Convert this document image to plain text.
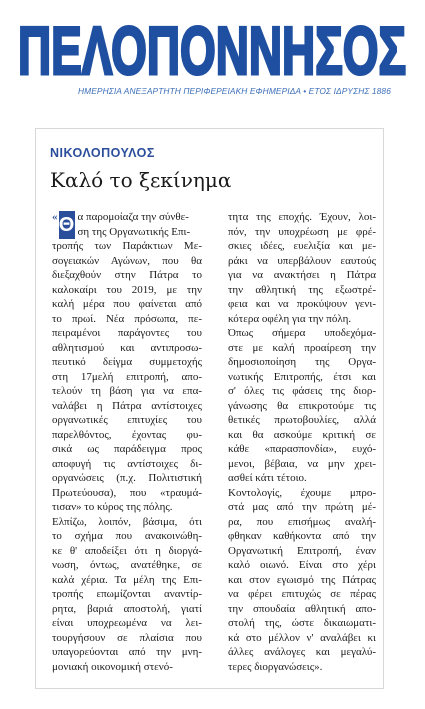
ΠΕΛΟΠΟΝΝΗΣΟΣ
ΗΜΕΡΗΣΙΑ ΑΝΕΞΑΡΤΗΤΗ ΠΕΡΙΦΕΡΕΙΑΚΗ ΕΦΗΜΕΡΙΔΑ • ΕΤΟΣ ΙΔΡΥΣΗΣ 1886
ΝΙΚΟΛΟΠΟΥΛΟΣ
Καλό το ξεκίνημα
« Θ α παρομοίαζα την σύνθε-
ση της Οργανωτικής Επι-
τροπής των Παράκτιων Με-
σογειακών Αγώνων, που θα
διεξαχθούν στην Πάτρα το
καλοκαίρι του 2019, με την
καλή μέρα που φαίνεται από
το πρωί. Νέα πρόσωπα, πε-
πειραμένοι παράγοντες του
αθλητισμού και αντιπροσω-
πευτικό δείγμα συμμετοχής
στη 17μελή επιτροπή, απο-
τελούν τη βάση για να επα-
ναλάβει η Πάτρα αντίστοιχες
οργανωτικές επιτυχίες του
παρελθόντος, έχοντας φυ-
σικά ως παράδειγμα προς
αποφυγή τις αντίστοιχες δι-
οργανώσεις (π.χ. Πολιτιστική
Πρωτεύουσα), που «τραυμά-
τισαν» το κύρος της πόλης.
Ελπίζω, λοιπόν, βάσιμα, ότι
το σχήμα που ανακοινώθη-
κε θ' αποδείξει ότι η διοργά-
νωση, όντως, ανατέθηκε, σε
καλά χέρια. Τα μέλη της Επι-
τροπής επωμίζονται αναντίρ-
ρητα, βαριά αποστολή, γιατί
είναι υποχρεωμένα να λει-
τουργήσουν σε πλαίσια που
υπαγορεύονται από την μνη-
μονιακή οικονομική στενό-
τητα της εποχής. Έχουν, λοι-
πόν, την υποχρέωση με φρέ-
σκιες ιδέες, ευελιξία και με-
ράκι να υπερβάλουν εαυτούς
για να ανακτήσει η Πάτρα
την αθλητική της εξωστρέ-
φεια και να προκύψουν γενι-
κότερα οφέλη για την πόλη.
Όπως σήμερα υποδεχόμα-
στε με καλή προαίρεση την
δημοσιοποίηση της Οργα-
νωτικής Επιτροπής, έτσι και
σ' όλες τις φάσεις της διορ-
γάνωσης θα επικροτούμε τις
θετικές πρωτοβουλίες, αλλά
και θα ασκούμε κριτική σε
κάθε «παρασπονδία», ευχό-
μενοι, βέβαια, να μην χρει-
ασθεί κάτι τέτοιο.
Κοντολογίς, έχουμε μπρο-
στά μας από την πρώτη μέ-
ρα, που επισήμως αναλή-
φθηκαν καθήκοντα από την
Οργανωτική Επιτροπή, έναν
καλό οιωνό. Είναι στο χέρι
και στον εγωισμό της Πάτρας
να φέρει επιτυχώς σε πέρας
την σπουδαία αθλητική απο-
στολή της, ώστε δικαιωματι-
κά στο μέλλον ν' αναλάβει κι
άλλες ανάλογες και μεγαλύ-
τερες διοργανώσεις».
